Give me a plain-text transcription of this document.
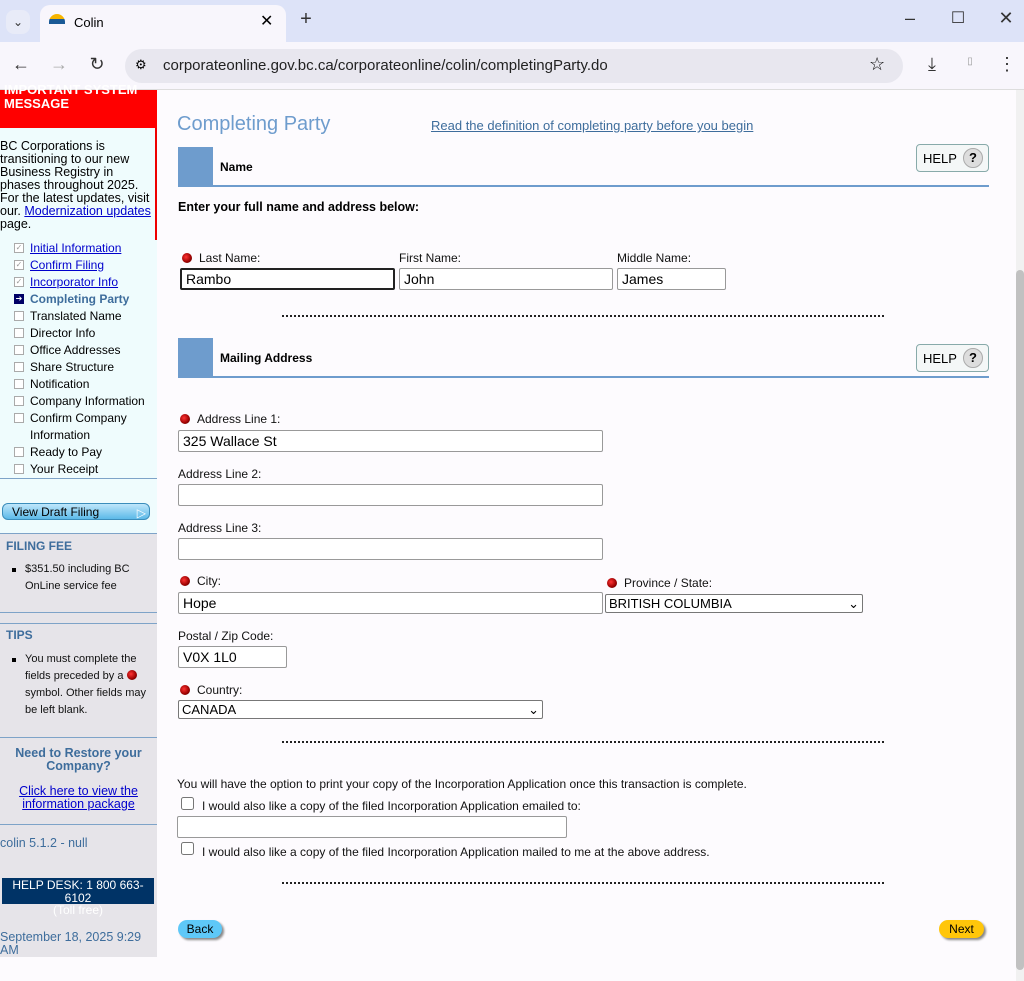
⌄	Colin	✕	+	–	☐ ✕
← → ↻	⚙ corporateonline.gov.bc.ca/corporateonline/colin/completingParty.do	☆	⤓	▯	⋮
BC Corporations is transitioning to our new Business Registry in phases throughout 2025. For the latest updates, visit our. Modernization updates page.
IMPORTANT SYSTEM MESSAGE
✓ Initial Information
✓ Confirm Filing
✓ Incorporator Info
➔ Completing Party
Translated Name
Director Info
Office Addresses
Share Structure
Notification
Company Information
Confirm Company
Information
Ready to Pay
Your Receipt
View Draft Filing	▷
FILING FEE
$351.50 including BC OnLine service fee
TIPS
You must complete the fields preceded by a  symbol. Other fields may be left blank.
Need to Restore your Company?
Click here to view the information package
colin 5.1.2 - null
HELP DESK: 1 800 663-6102
(Toll free)
September 18, 2025 9:29 AM
Completing Party	Read the definition of completing party before you begin
Name
HELP ?
Enter your full name and address below:
Last Name:
Rambo	First Name:
John	Middle Name:
James
Mailing Address	HELP ?
Address Line 1:
325 Wallace St
Address Line 2:
Address Line 3:
City:
Hope	Province / State:
BRITISH COLUMBIA	⌄
Postal / Zip Code:
V0X 1L0
Country:
CANADA	⌄
You will have the option to print your copy of the Incorporation Application once this transaction is complete.
I would also like a copy of the filed Incorporation Application emailed to:
I would also like a copy of the filed Incorporation Application mailed to me at the above address.
Back	Next
